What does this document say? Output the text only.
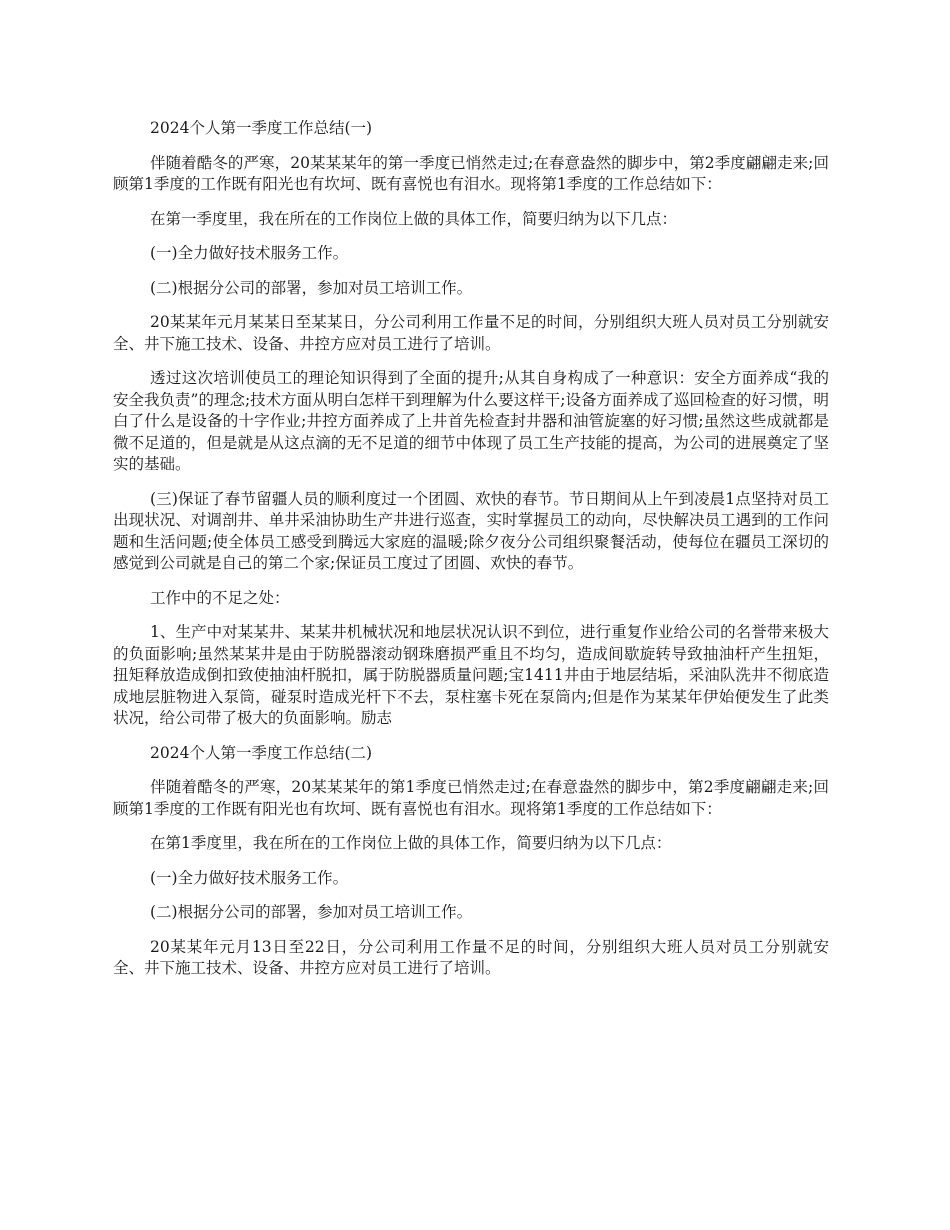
2024个人第一季度工作总结(一)

伴随着酷冬的严寒，20某某某年的第一季度已悄然走过;在春意盎然的脚步中，第2季度翩翩走来;回顾第1季度的工作既有阳光也有坎坷、既有喜悦也有泪水。现将第1季度的工作总结如下：

在第一季度里，我在所在的工作岗位上做的具体工作，简要归纳为以下几点：

(一)全力做好技术服务工作。

(二)根据分公司的部署，参加对员工培训工作。

20某某年元月某某日至某某日，分公司利用工作量不足的时间，分别组织大班人员对员工分别就安全、井下施工技术、设备、井控方应对员工进行了培训。

透过这次培训使员工的理论知识得到了全面的提升;从其自身构成了一种意识：安全方面养成“我的安全我负责”的理念;技术方面从明白怎样干到理解为什么要这样干;设备方面养成了巡回检查的好习惯，明白了什么是设备的十字作业;井控方面养成了上井首先检查封井器和油管旋塞的好习惯;虽然这些成就都是微不足道的，但是就是从这点滴的无不足道的细节中体现了员工生产技能的提高，为公司的进展奠定了坚实的基础。

(三)保证了春节留疆人员的顺利度过一个团圆、欢快的春节。节日期间从上午到凌晨1点坚持对员工出现状况、对调剖井、单井采油协助生产井进行巡查，实时掌握员工的动向，尽快解决员工遇到的工作问题和生活问题;使全体员工感受到腾远大家庭的温暖;除夕夜分公司组织聚餐活动，使每位在疆员工深切的感觉到公司就是自己的第二个家;保证员工度过了团圆、欢快的春节。

工作中的不足之处：

1、生产中对某某井、某某井机械状况和地层状况认识不到位，进行重复作业给公司的名誉带来极大的负面影响;虽然某某井是由于防脱器滚动钢珠磨损严重且不均匀，造成间歇旋转导致抽油杆产生扭矩，扭矩释放造成倒扣致使抽油杆脱扣，属于防脱器质量问题;宝1411井由于地层结垢，采油队洗井不彻底造成地层脏物进入泵筒，碰泵时造成光杆下不去，泵柱塞卡死在泵筒内;但是作为某某年伊始便发生了此类状况，给公司带了极大的负面影响。励志

2024个人第一季度工作总结(二)

伴随着酷冬的严寒，20某某某年的第1季度已悄然走过;在春意盎然的脚步中，第2季度翩翩走来;回顾第1季度的工作既有阳光也有坎坷、既有喜悦也有泪水。现将第1季度的工作总结如下：

在第1季度里，我在所在的工作岗位上做的具体工作，简要归纳为以下几点：

(一)全力做好技术服务工作。

(二)根据分公司的部署，参加对员工培训工作。

20某某年元月13日至22日，分公司利用工作量不足的时间，分别组织大班人员对员工分别就安全、井下施工技术、设备、井控方应对员工进行了培训。
